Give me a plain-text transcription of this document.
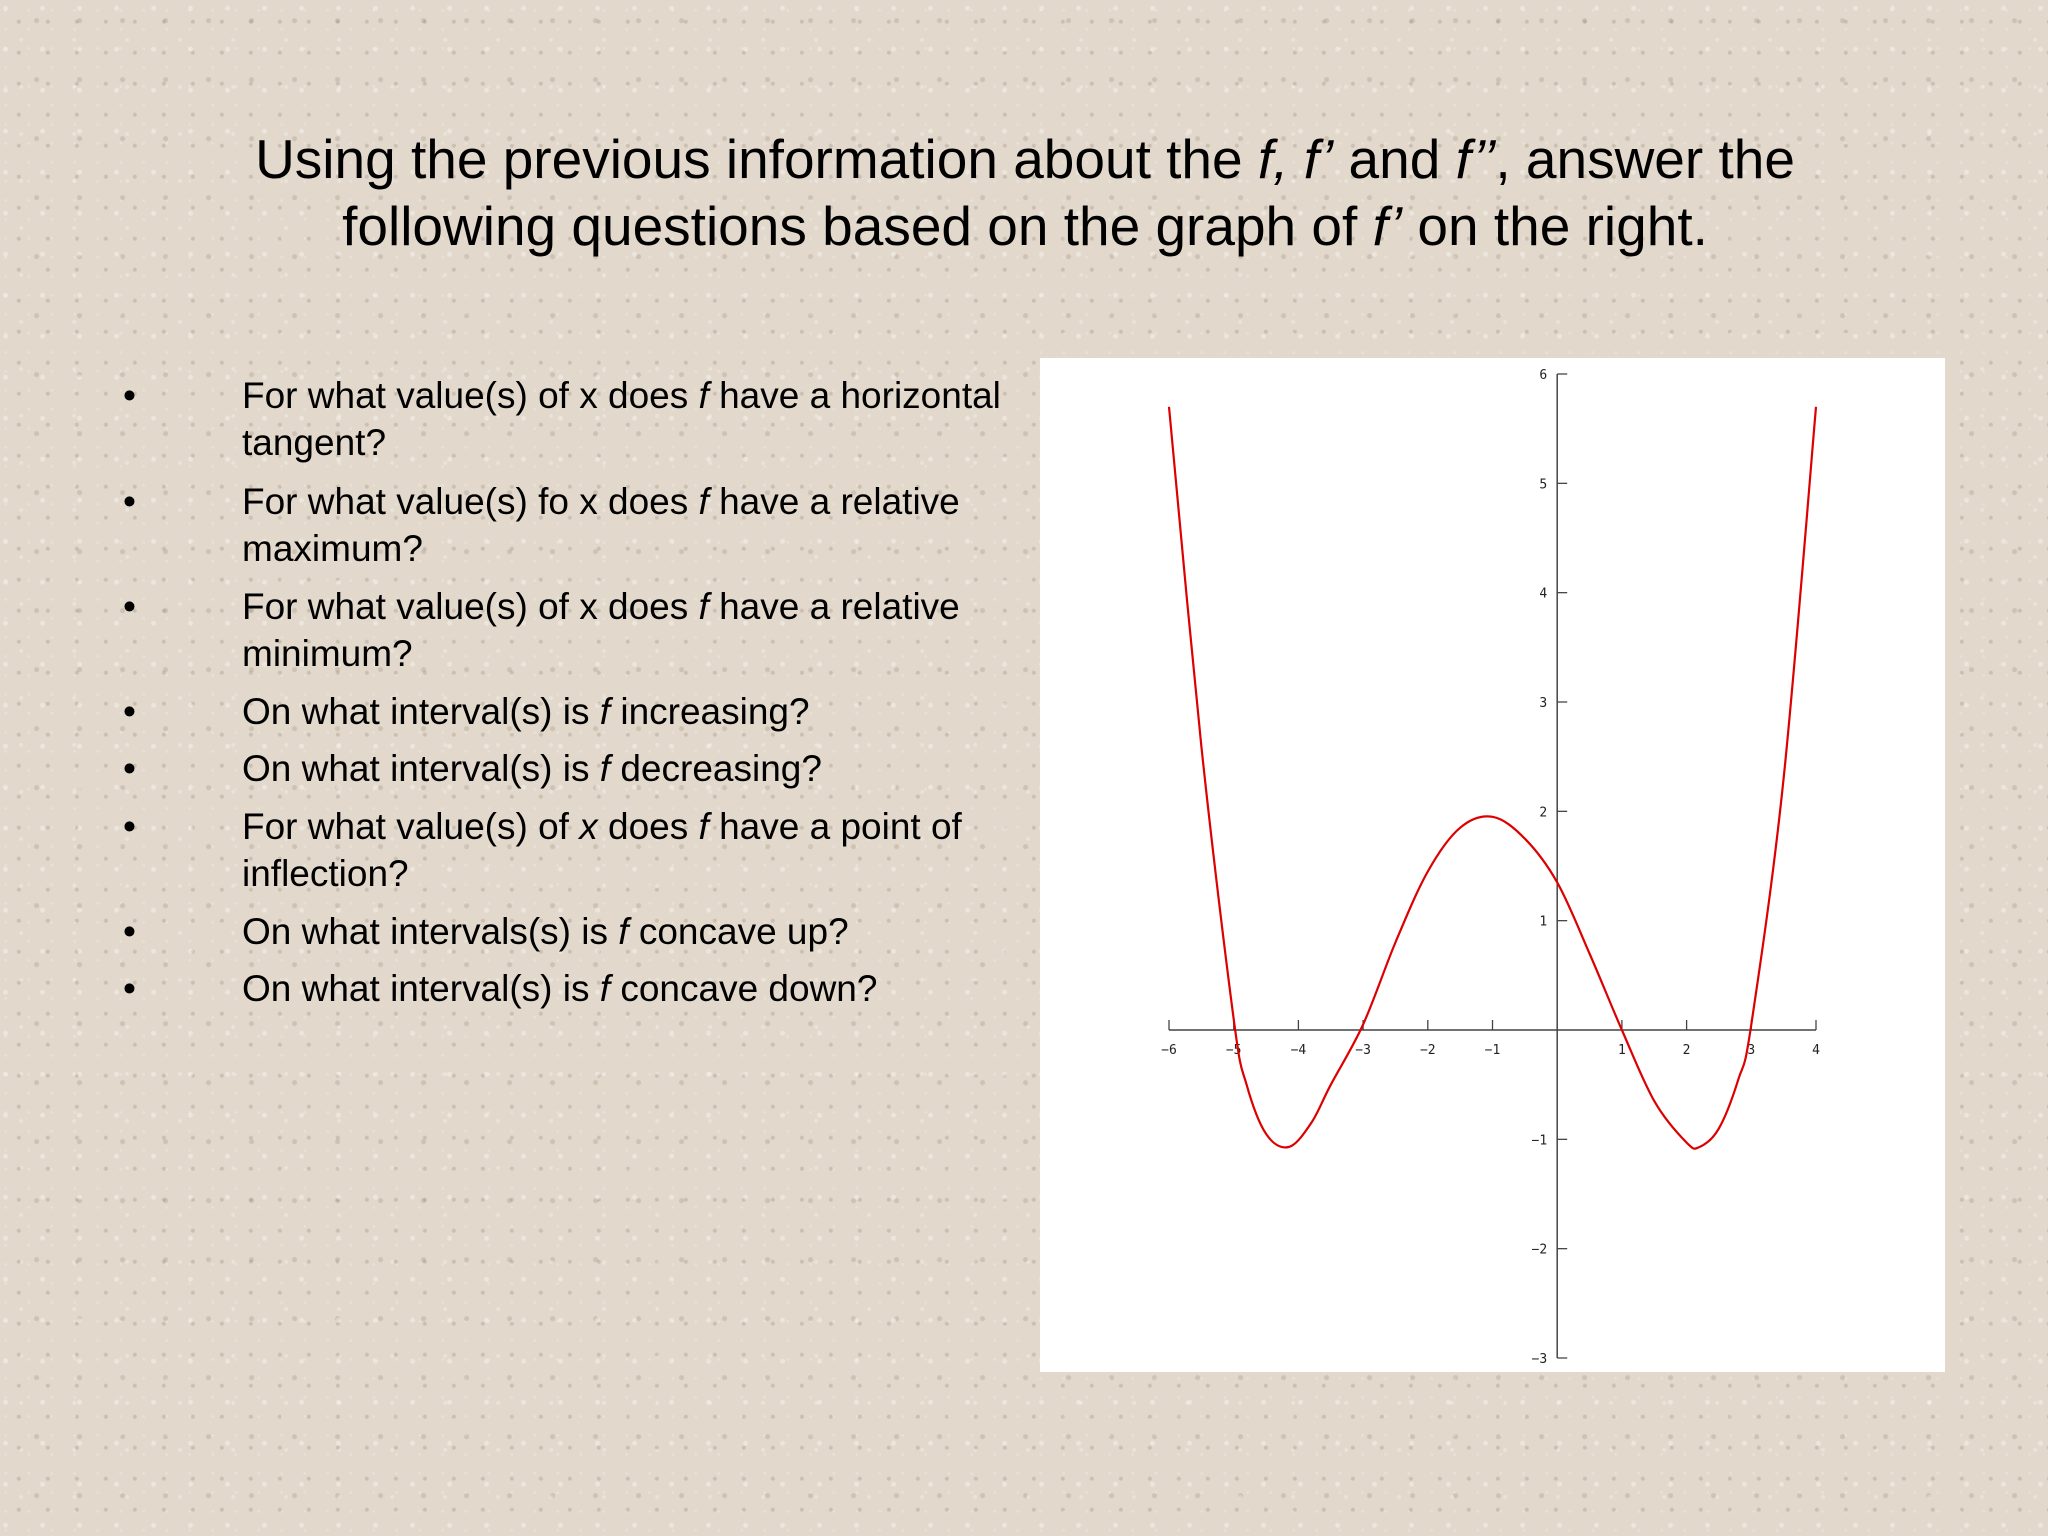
Using the previous information about the f, f’ and f’’, answer the following questions based on the graph of f’ on the right.
•	For what value(s) of x does f have a horizontal tangent?
•	For what value(s) fo x does f have a relative maximum?
•	For what value(s) of x does f have a relative minimum?
•	On what interval(s) is f increasing?
•	On what interval(s) is f decreasing?
•	For what value(s) of x does f have a point of inflection?
•	On what intervals(s) is f concave up?
•	On what interval(s) is f concave down?
−6	−5	−4	−3	−2	−1	1	2	3	4
−3
−2
−1
1
2
3
4
5
6
